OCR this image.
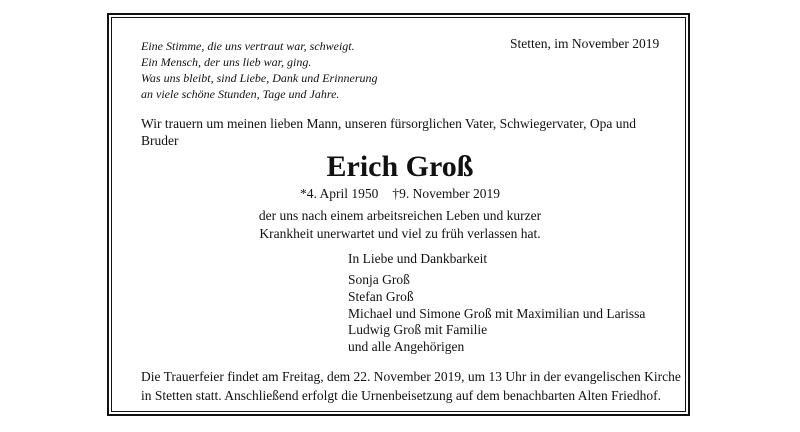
Eine Stimme, die uns vertraut war, schweigt.
Ein Mensch, der uns lieb war, ging.
Was uns bleibt, sind Liebe, Dank und Erinnerung
an viele schöne Stunden, Tage und Jahre.
Stetten, im November 2019
Wir trauern um meinen lieben Mann, unseren fürsorglichen Vater, Schwiegervater, Opa und Bruder
Erich Groß
*4. April 1950 †9. November 2019
der uns nach einem arbeitsreichen Leben und kurzer
Krankheit unerwartet und viel zu früh verlassen hat.
In Liebe und Dankbarkeit
Sonja Groß
Stefan Groß
Michael und Simone Groß mit Maximilian und Larissa
Ludwig Groß mit Familie
und alle Angehörigen
Die Trauerfeier findet am Freitag, dem 22. November 2019, um 13 Uhr in der evangelischen Kirche
in Stetten statt. Anschließend erfolgt die Urnenbeisetzung auf dem benachbarten Alten Friedhof.
